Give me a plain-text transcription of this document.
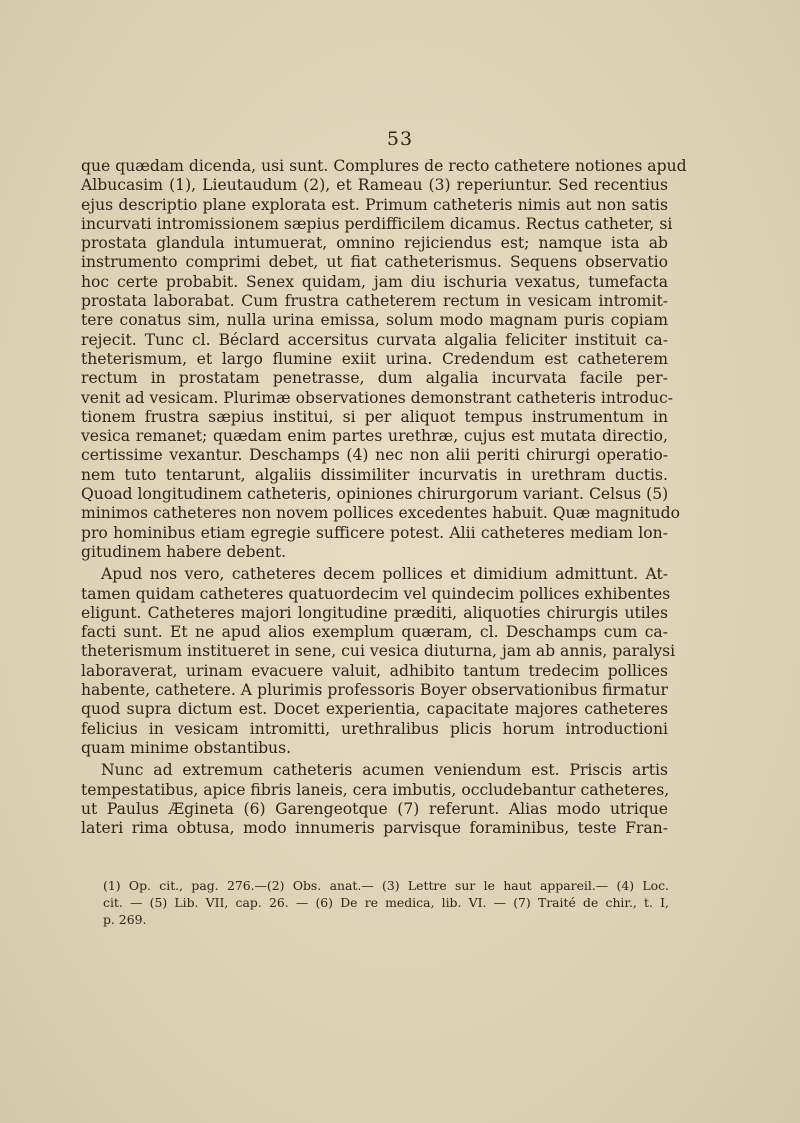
53

que quædam dicenda, usi sunt. Complures de recto cathetere notiones apud
Albucasim (1), Lieutaudum (2), et Rameau (3) reperiuntur. Sed recentius
ejus descriptio plane explorata est. Primum catheteris nimis aut non satis
incurvati intromissionem sæpius perdifficilem dicamus. Rectus catheter, si
prostata glandula intumuerat, omnino rejiciendus est; namque ista ab
instrumento comprimi debet, ut fiat catheterismus. Sequens observatio
hoc certe probabit. Senex quidam, jam diu ischuria vexatus, tumefacta
prostata laborabat. Cum frustra catheterem rectum in vesicam intromit-
tere conatus sim, nulla urina emissa, solum modo magnam puris copiam
rejecit. Tunc cl. Béclard accersitus curvata algalia feliciter instituit ca-
theterismum, et largo flumine exiit urina. Credendum est catheterem
rectum in prostatam penetrasse, dum algalia incurvata facile per-
venit ad vesicam. Plurimæ observationes demonstrant catheteris introduc-
tionem frustra sæpius institui, si per aliquot tempus instrumentum in
vesica remanet; quædam enim partes urethræ, cujus est mutata directio,
certissime vexantur. Deschamps (4) nec non alii periti chirurgi operatio-
nem tuto tentarunt, algaliis dissimiliter incurvatis in urethram ductis.
Quoad longitudinem catheteris, opiniones chirurgorum variant. Celsus (5)
minimos catheteres non novem pollices excedentes habuit. Quæ magnitudo
pro hominibus etiam egregie sufficere potest. Alii catheteres mediam lon-
gitudinem habere debent.

Apud nos vero, catheteres decem pollices et dimidium admittunt. At-
tamen quidam catheteres quatuordecim vel quindecim pollices exhibentes
eligunt. Catheteres majori longitudine præditi, aliquoties chirurgis utiles
facti sunt. Et ne apud alios exemplum quæram, cl. Deschamps cum ca-
theterismum institueret in sene, cui vesica diuturna, jam ab annis, paralysi
laboraverat, urinam evacuere valuit, adhibito tantum tredecim pollices
habente, cathetere. A plurimis professoris Boyer observationibus firmatur
quod supra dictum est. Docet experientia, capacitate majores catheteres
felicius in vesicam intromitti, urethralibus plicis horum introductioni
quam minime obstantibus.

Nunc ad extremum catheteris acumen veniendum est. Priscis artis
tempestatibus, apice fibris laneis, cera imbutis, occludebantur catheteres,
ut Paulus Æginetа (6) Garengeotque (7) referunt. Alias modo utrique
lateri rima obtusa, modo innumeris parvisque foraminibus, teste Fran-

(1) Op. cit., pag. 276.—(2) Obs. anat.— (3) Lettre sur le haut appareil.— (4) Loc.
cit. — (5) Lib. VII, cap. 26. — (6) De re medica, lib. VI. — (7) Traité de chir., t. I,
p. 269.
